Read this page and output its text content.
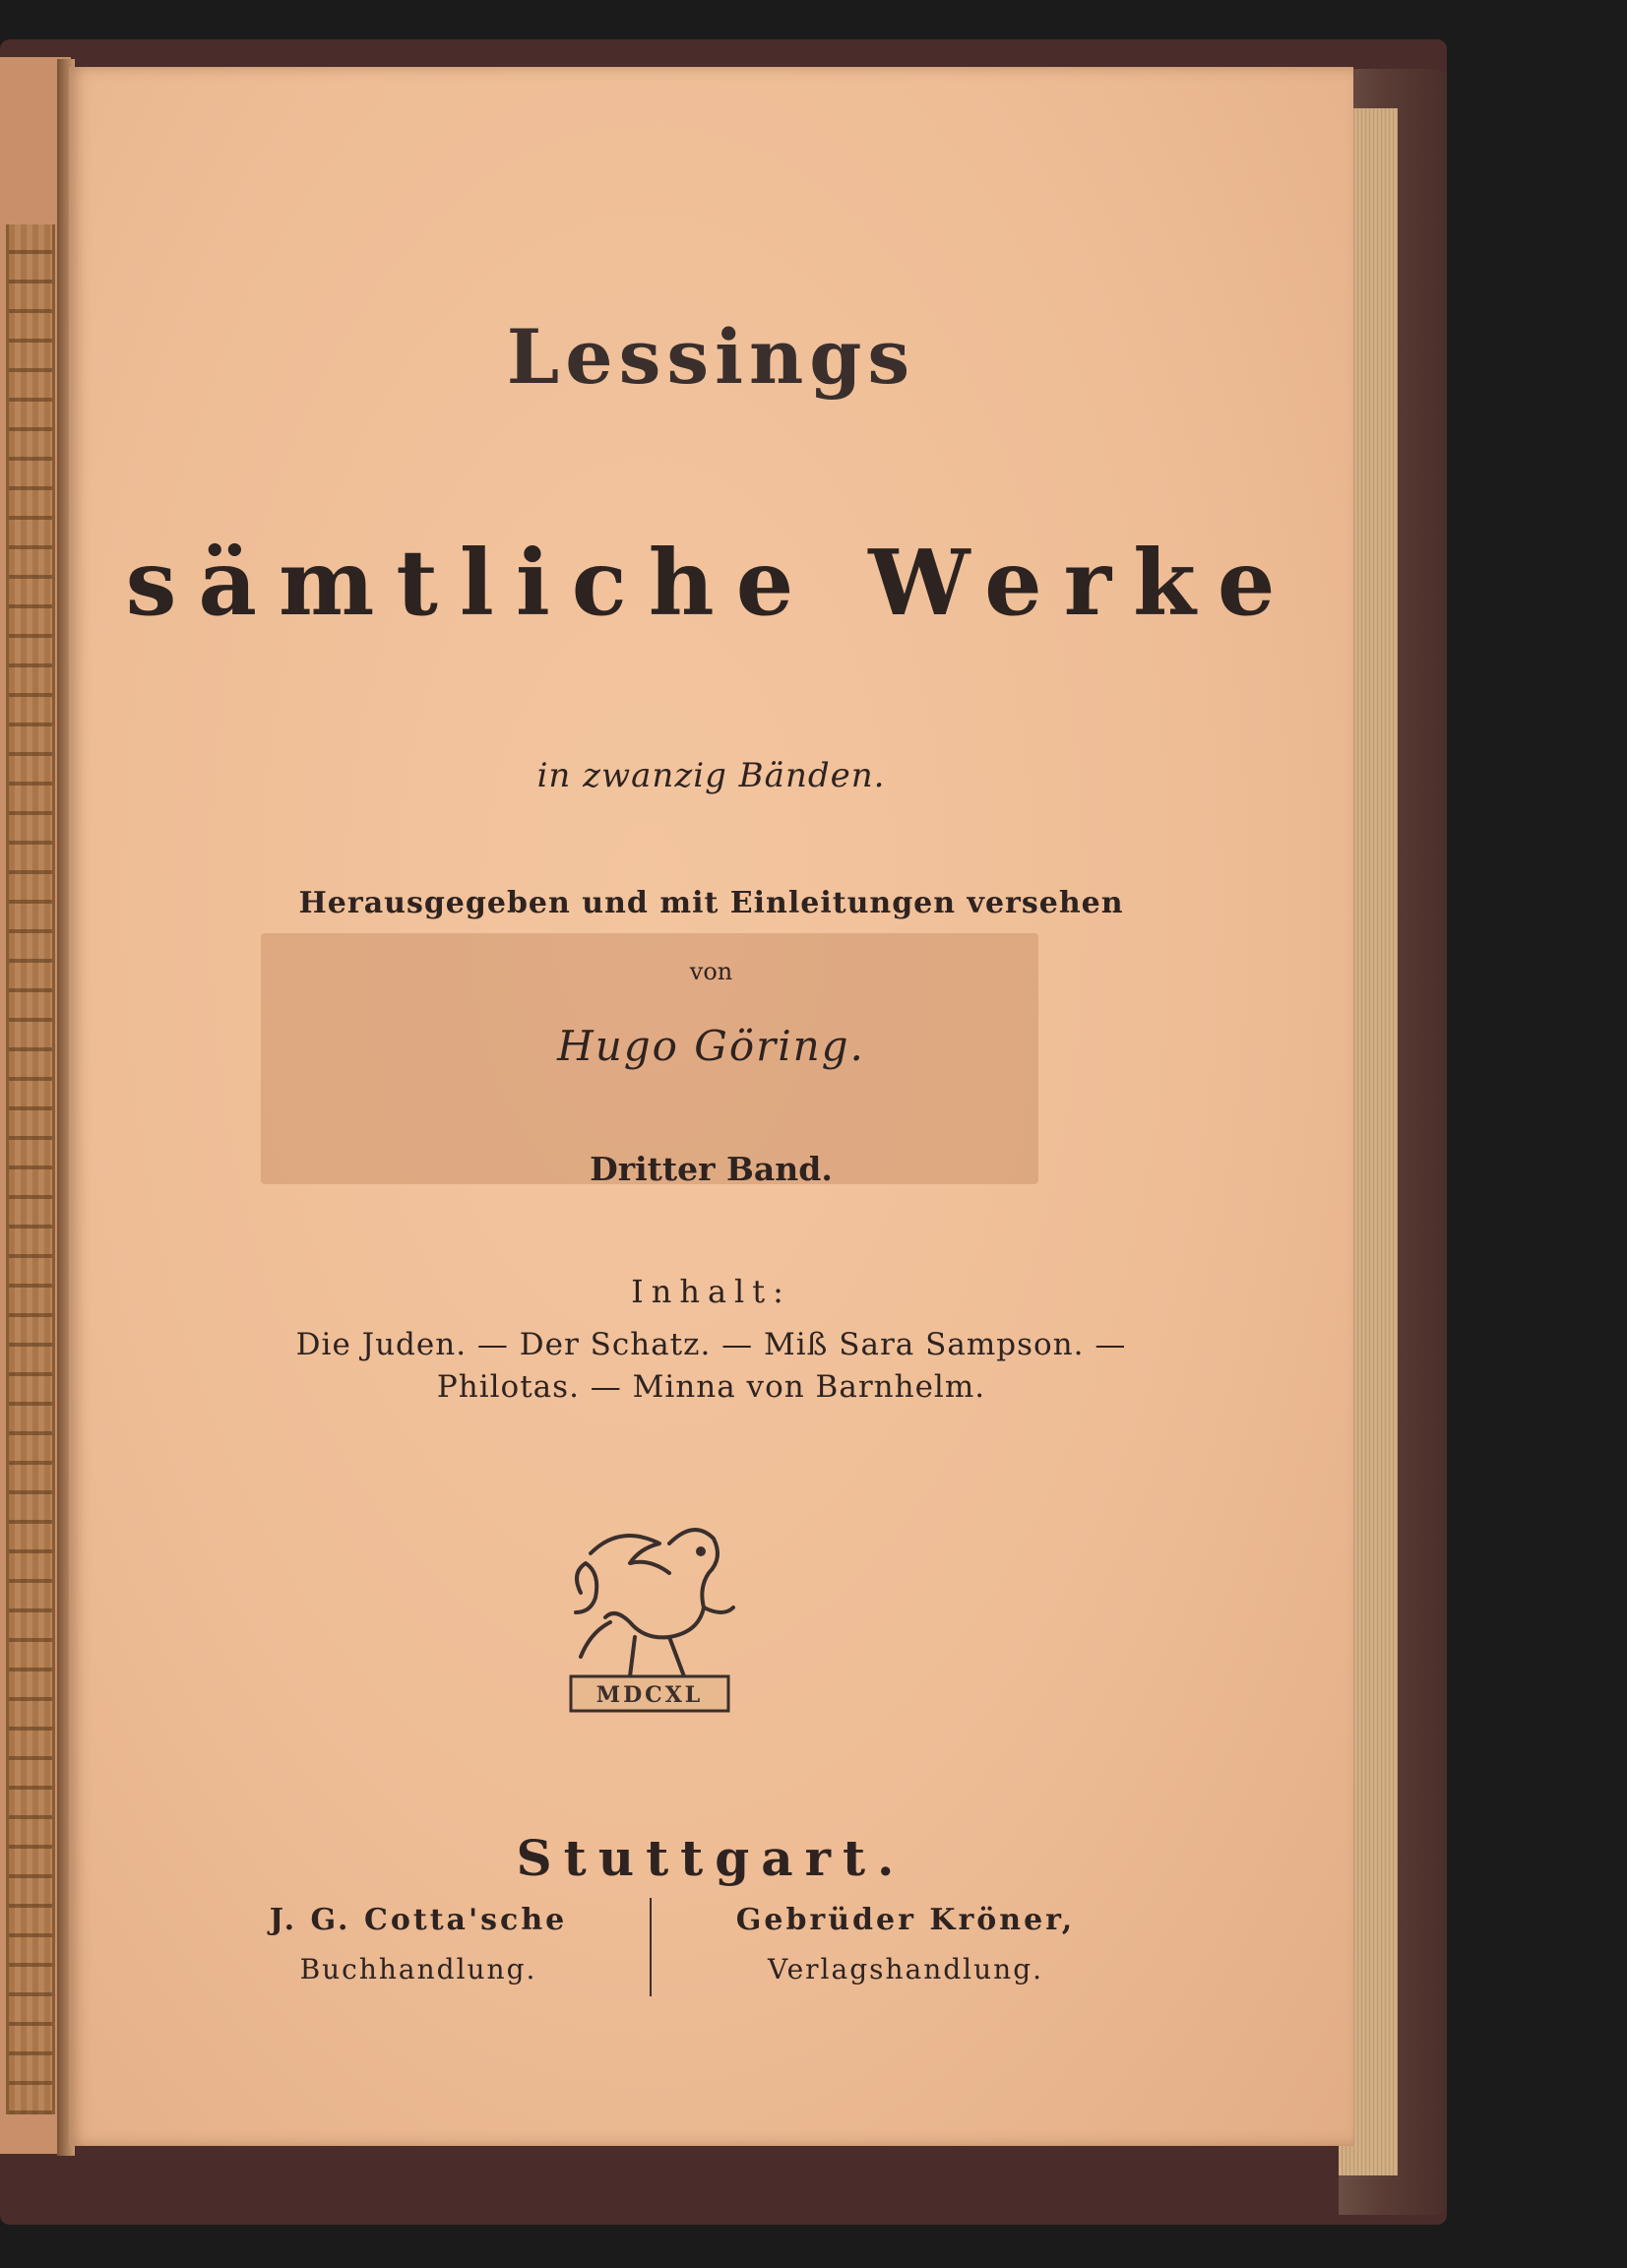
Lessings
sämtliche Werke
in zwanzig Bänden.
Herausgegeben und mit Einleitungen versehen
von
Hugo Göring.
Dritter Band.
Inhalt:
Die Juden. — Der Schatz. — Miß Sara Sampson. —
Philotas. — Minna von Barnhelm.
MDCXL
Stuttgart.
J. G. Cotta'sche
Buchhandlung.
Gebrüder Kröner,
Verlagshandlung.
